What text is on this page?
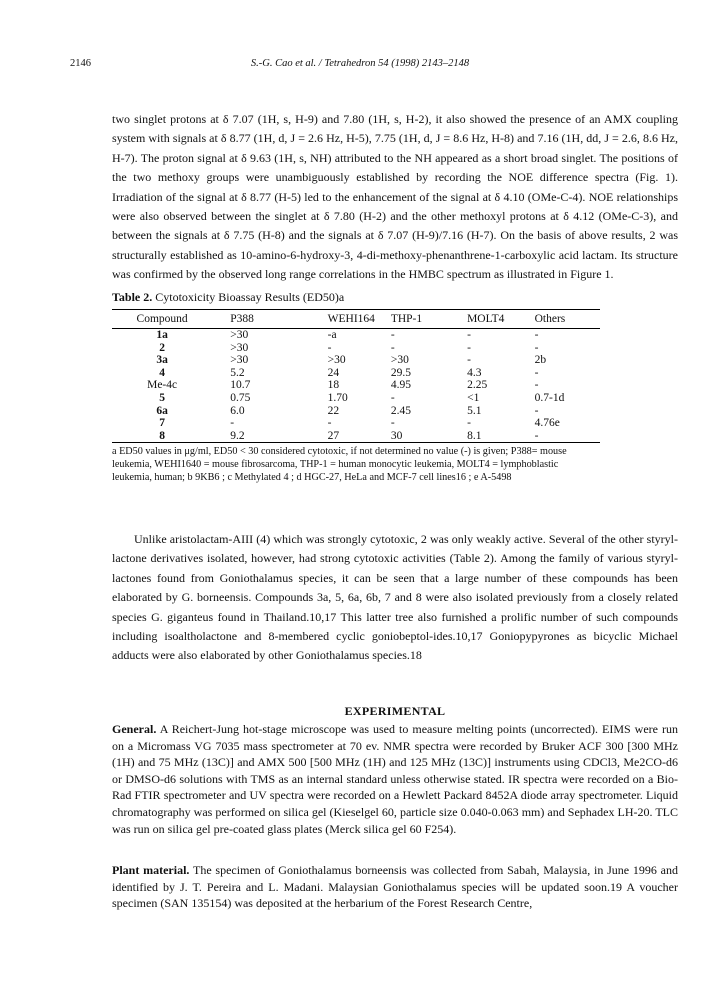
2146	S.-G. Cao et al. / Tetrahedron 54 (1998) 2143–2148

two singlet protons at δ 7.07 (1H, s, H-9) and 7.80 (1H, s, H-2), it also showed the presence of an AMX coupling system with signals at δ 8.77 (1H, d, J = 2.6 Hz, H-5), 7.75 (1H, d, J = 8.6 Hz, H-8) and 7.16 (1H, dd, J = 2.6, 8.6 Hz, H-7). The proton signal at δ 9.63 (1H, s, NH) attributed to the NH appeared as a short broad singlet. The positions of the two methoxy groups were unambiguously established by recording the NOE difference spectra (Fig. 1). Irradiation of the signal at δ 8.77 (H-5) led to the enhancement of the signal at δ 4.10 (OMe-C-4). NOE relationships were also observed between the singlet at δ 7.80 (H-2) and the other methoxyl protons at δ 4.12 (OMe-C-3), and between the signals at δ 7.75 (H-8) and the signals at δ 7.07 (H-9)/7.16 (H-7). On the basis of above results, 2 was structurally established as 10-amino-6-hydroxy-3, 4-di-methoxy-phenanthrene-1-carboxylic acid lactam. Its structure was confirmed by the observed long range correlations in the HMBC spectrum as illustrated in Figure 1.

Table 2. Cytotoxicity Bioassay Results (ED50)a
Compound	P388	WEHI164	THP-1	MOLT4	Others
1a	>30	-a	-	-	-
2	>30	-	-	-	-
3a	>30	>30	>30	-	2b
4	5.2	24	29.5	4.3	-
Me-4c	10.7	18	4.95	2.25	-
5	0.75	1.70	-	<1	0.7-1d
6a	6.0	22	2.45	5.1	-
7	-	-	-	-	4.76e
8	9.2	27	30	8.1	-

a ED50 values in μg/ml, ED50 < 30 considered cytotoxic, if not determined no value (-) is given; P388= mouse leukemia, WEHI1640 = mouse fibrosarcoma, THP-1 = human monocytic leukemia, MOLT4 = lymphoblastic leukemia, human; b 9KB6 ; c Methylated 4 ; d HGC-27, HeLa and MCF-7 cell lines16 ; e A-5498

Unlike aristolactam-AIII (4) which was strongly cytotoxic, 2 was only weakly active. Several of the other styryl-lactone derivatives isolated, however, had strong cytotoxic activities (Table 2). Among the family of various styryl-lactones found from Goniothalamus species, it can be seen that a large number of these compounds has been elaborated by G. borneensis. Compounds 3a, 5, 6a, 6b, 7 and 8 were also isolated previously from a closely related species G. giganteus found in Thailand.10,17 This latter tree also furnished a prolific number of such compounds including isoaltholactone and 8-membered cyclic goniobeptol-ides.10,17 Goniopypyrones as bicyclic Michael adducts were also elaborated by other Goniothalamus species.18

EXPERIMENTAL

General. A Reichert-Jung hot-stage microscope was used to measure melting points (uncorrected). EIMS were run on a Micromass VG 7035 mass spectrometer at 70 ev. NMR spectra were recorded by Bruker ACF 300 [300 MHz (1H) and 75 MHz (13C)] and AMX 500 [500 MHz (1H) and 125 MHz (13C)] instruments using CDCl3, Me2CO-d6 or DMSO-d6 solutions with TMS as an internal standard unless otherwise stated. IR spectra were recorded on a Bio-Rad FTIR spectrometer and UV spectra were recorded on a Hewlett Packard 8452A diode array spectrometer. Liquid chromatography was performed on silica gel (Kieselgel 60, particle size 0.040-0.063 mm) and Sephadex LH-20. TLC was run on silica gel pre-coated glass plates (Merck silica gel 60 F254).

Plant material. The specimen of Goniothalamus borneensis was collected from Sabah, Malaysia, in June 1996 and identified by J. T. Pereira and L. Madani. Malaysian Goniothalamus species will be updated soon.19 A voucher specimen (SAN 135154) was deposited at the herbarium of the Forest Research Centre,
